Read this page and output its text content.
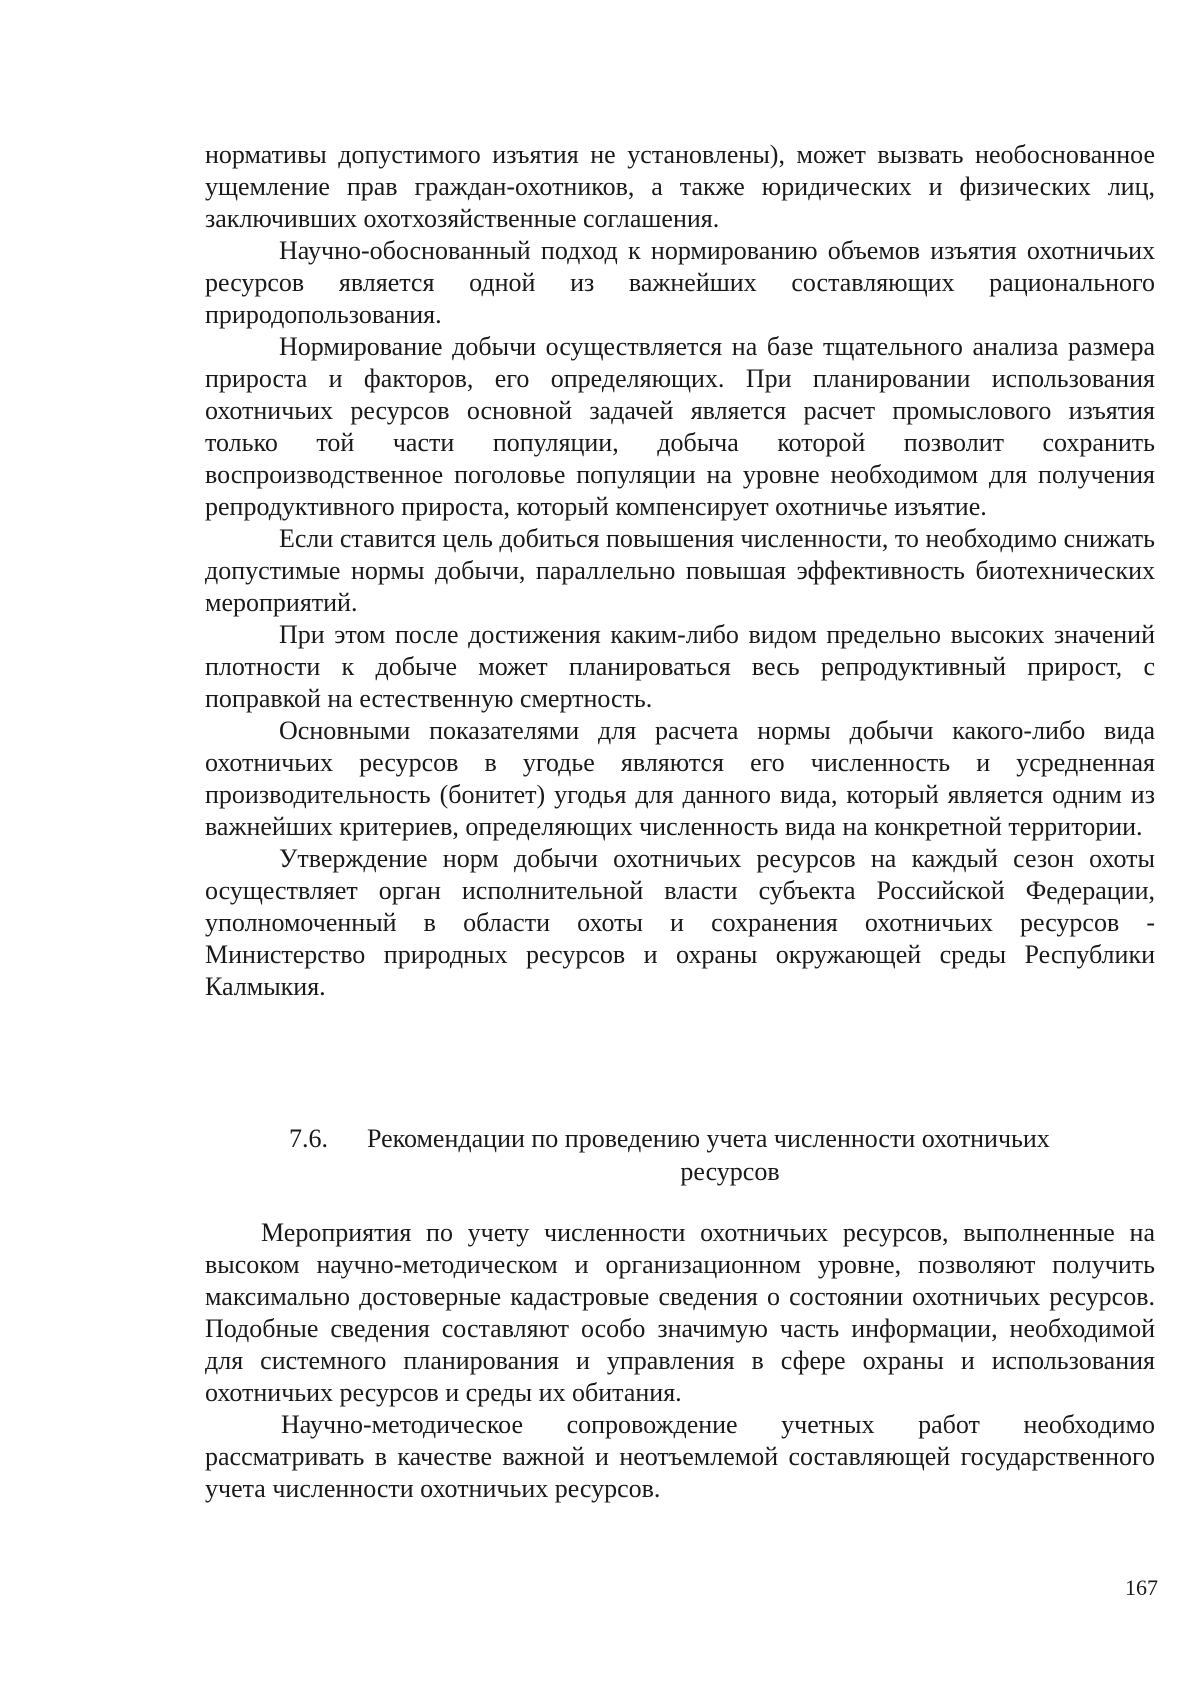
нормативы допустимого изъятия не установлены), может вызвать необоснованное ущемление прав граждан-охотников, а также юридических и физических лиц, заключивших охотхозяйственные соглашения.

Научно-обоснованный подход к нормированию объемов изъятия охотничьих ресурсов является одной из важнейших составляющих рационального природопользования.

Нормирование добычи осуществляется на базе тщательного анализа размера прироста и факторов, его определяющих. При планировании использования охотничьих ресурсов основной задачей является расчет промыслового изъятия только той части популяции, добыча которой позволит сохранить воспроизводственное поголовье популяции на уровне необходимом для получения репродуктивного прироста, который компенсирует охотничье изъятие.

Если ставится цель добиться повышения численности, то необходимо снижать допустимые нормы добычи, параллельно повышая эффективность биотехнических мероприятий.

При этом после достижения каким-либо видом предельно высоких значений плотности к добыче может планироваться весь репродуктивный прирост, с поправкой на естественную смертность.

Основными показателями для расчета нормы добычи какого-либо вида охотничьих ресурсов в угодье являются его численность и усредненная производительность (бонитет) угодья для данного вида, который является одним из важнейших критериев, определяющих численность вида на конкретной территории.

Утверждение норм добычи охотничьих ресурсов на каждый сезон охоты осуществляет орган исполнительной власти субъекта Российской Федерации, уполномоченный в области охоты и сохранения охотничьих ресурсов - Министерство природных ресурсов и охраны окружающей среды Республики Калмыкия.

7.6. Рекомендации по проведению учета численности охотничьих
ресурсов

Мероприятия по учету численности охотничьих ресурсов, выполненные на высоком научно-методическом и организационном уровне, позволяют получить максимально достоверные кадастровые сведения о состоянии охотничьих ресурсов. Подобные сведения составляют особо значимую часть информации, необходимой для системного планирования и управления в сфере охраны и использования охотничьих ресурсов и среды их обитания.

Научно-методическое сопровождение учетных работ необходимо рассматривать в качестве важной и неотъемлемой составляющей государственного учета численности охотничьих ресурсов.

167
